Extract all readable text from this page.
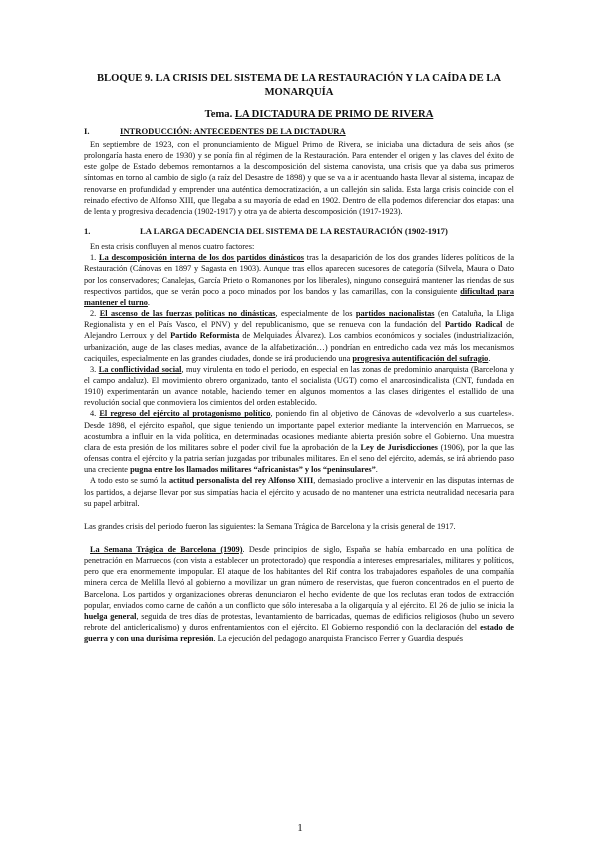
BLOQUE 9. LA CRISIS DEL SISTEMA DE LA RESTAURACIÓN Y LA CAÍDA DE LA MONARQUÍA
Tema. LA DICTADURA DE PRIMO DE RIVERA
I.	INTRODUCCIÓN: ANTECEDENTES DE LA DICTADURA

En septiembre de 1923, con el pronunciamiento de Miguel Primo de Rivera, se iniciaba una dictadura de seis años (se prolongaría hasta enero de 1930) y se ponía fin al régimen de la Restauración. Para entender el origen y las claves del éxito de este golpe de Estado debemos remontarnos a la descomposición del sistema canovista, una crisis que ya daba sus primeros síntomas en torno al cambio de siglo (a raíz del Desastre de 1898) y que se va a ir acentuando hasta llevar al sistema, incapaz de renovarse en profundidad y emprender una auténtica democratización, a un callejón sin salida. Esta larga crisis coincide con el reinado efectivo de Alfonso XIII, que llegaba a su mayoría de edad en 1902. Dentro de ella podemos diferenciar dos etapas: una de lenta y progresiva decadencia (1902-1917) y otra ya de abierta descomposición (1917-1923).

1.	LA LARGA DECADENCIA DEL SISTEMA DE LA RESTAURACIÓN (1902-1917)

En esta crisis confluyen al menos cuatro factores:

1. La descomposición interna de los dos partidos dinásticos tras la desaparición de los dos grandes líderes políticos de la Restauración (Cánovas en 1897 y Sagasta en 1903). Aunque tras ellos aparecen sucesores de categoría (Silvela, Maura o Dato por los conservadores; Canalejas, García Prieto o Romanones por los liberales), ninguno conseguirá mantener las riendas de sus respectivos partidos, que se verán poco a poco minados por los bandos y las camarillas, con la consiguiente dificultad para mantener el turno.

2. El ascenso de las fuerzas políticas no dinásticas, especialmente de los partidos nacionalistas (en Cataluña, la Lliga Regionalista y en el País Vasco, el PNV) y del republicanismo, que se renueva con la fundación del Partido Radical de Alejandro Lerroux y del Partido Reformista de Melquiades Álvarez). Los cambios económicos y sociales (industrialización, urbanización, auge de las clases medias, avance de la alfabetización…) pondrían en entredicho cada vez más los mecanismos caciquiles, especialmente en las grandes ciudades, donde se irá produciendo una progresiva autentificación del sufragio.

3. La conflictividad social, muy virulenta en todo el periodo, en especial en las zonas de predominio anarquista (Barcelona y el campo andaluz). El movimiento obrero organizado, tanto el socialista (UGT) como el anarcosindicalista (CNT, fundada en 1910) experimentarán un avance notable, haciendo temer en algunos momentos a las clases dirigentes el estallido de una revolución social que conmoviera los cimientos del orden establecido.

4. El regreso del ejército al protagonismo político, poniendo fin al objetivo de Cánovas de «devolverlo a sus cuarteles». Desde 1898, el ejército español, que sigue teniendo un importante papel exterior mediante la intervención en Marruecos, se acostumbra a influir en la vida política, en determinadas ocasiones mediante abierta presión sobre el Gobierno. Una muestra clara de esta presión de los militares sobre el poder civil fue la aprobación de la Ley de Jurisdicciones (1906), por la que las ofensas contra el ejército y la patria serían juzgadas por tribunales militares. En el seno del ejército, además, se irá abriendo paso una creciente pugna entre los llamados militares “africanistas” y los “peninsulares”.

A todo esto se sumó la actitud personalista del rey Alfonso XIII, demasiado proclive a intervenir en las disputas internas de los partidos, a dejarse llevar por sus simpatías hacia el ejército y acusado de no mantener una estricta neutralidad necesaria para su papel arbitral.

Las grandes crisis del periodo fueron las siguientes: la Semana Trágica de Barcelona y la crisis general de 1917.

La Semana Trágica de Barcelona (1909). Desde principios de siglo, España se había embarcado en una política de penetración en Marruecos (con vista a establecer un protectorado) que respondía a intereses empresariales, militares y políticos, pero que era enormemente impopular. El ataque de los habitantes del Rif contra los trabajadores españoles de una compañía minera cerca de Melilla llevó al gobierno a movilizar un gran número de reservistas, que fueron concentrados en el puerto de Barcelona. Los partidos y organizaciones obreras denunciaron el hecho evidente de que los reclutas eran todos de extracción popular, enviados como carne de cañón a un conflicto que sólo interesaba a la oligarquía y al ejército. El 26 de julio se inicia la huelga general, seguida de tres días de protestas, levantamiento de barricadas, quemas de edificios religiosos (hubo un severo rebrote del anticlericalismo) y duros enfrentamientos con el ejército. El Gobierno respondió con la declaración del estado de guerra y con una durísima represión. La ejecución del pedagogo anarquista Francisco Ferrer y Guardia después

1
